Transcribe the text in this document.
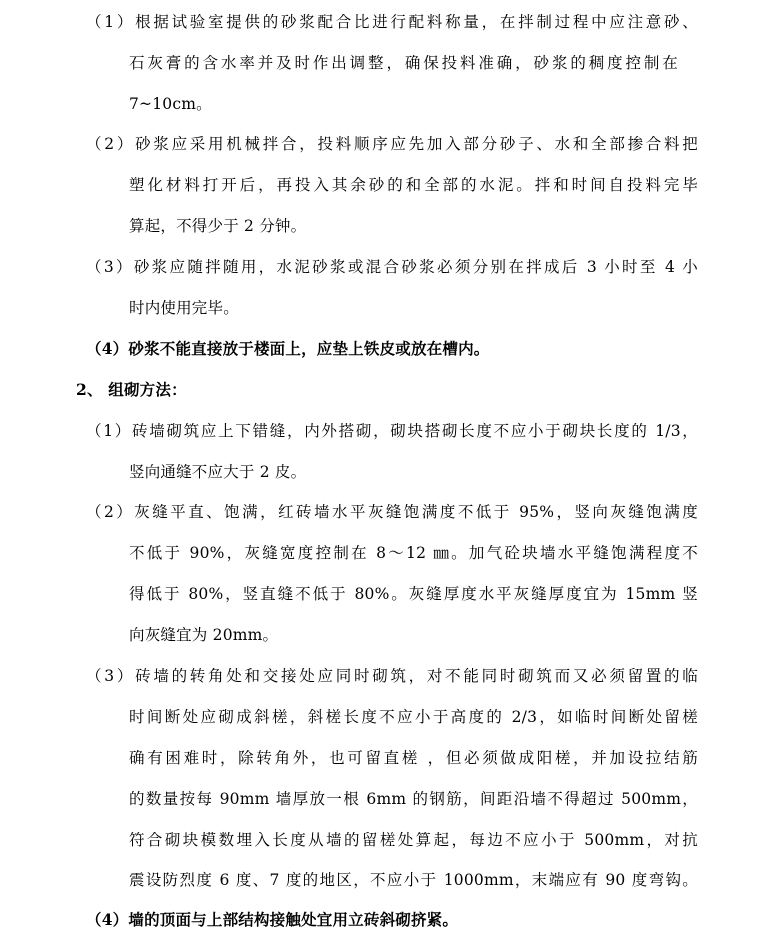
（1）根据试验室提供的砂浆配合比进行配料称量，在拌制过程中应注意砂、
石灰膏的含水率并及时作出调整，确保投料准确，砂浆的稠度控制在
7~10cm。
（2）砂浆应采用机械拌合，投料顺序应先加入部分砂子、水和全部掺合料把
塑化材料打开后，再投入其余砂的和全部的水泥。拌和时间自投料完毕
算起，不得少于 2 分钟。
（3）砂浆应随拌随用，水泥砂浆或混合砂浆必须分别在拌成后 3 小时至 4 小
时内使用完毕。
（4）砂浆不能直接放于楼面上，应垫上铁皮或放在槽内。
2、 组砌方法：
（1）砖墙砌筑应上下错缝，内外搭砌，砌块搭砌长度不应小于砌块长度的 1/3，
竖向通缝不应大于 2 皮。
（2）灰缝平直、饱满，红砖墙水平灰缝饱满度不低于 95%，竖向灰缝饱满度
不低于 90%，灰缝宽度控制在 8～12 ㎜。加气砼块墙水平缝饱满程度不
得低于 80%，竖直缝不低于 80%。灰缝厚度水平灰缝厚度宜为 15mm 竖
向灰缝宜为 20mm。
（3）砖墙的转角处和交接处应同时砌筑，对不能同时砌筑而又必须留置的临
时间断处应砌成斜槎，斜槎长度不应小于高度的 2/3，如临时间断处留槎
确有困难时，除转角外，也可留直槎 ，但必须做成阳槎，并加设拉结筋
的数量按每 90mm 墙厚放一根 6mm 的钢筋，间距沿墙不得超过 500mm，
符合砌块模数埋入长度从墙的留槎处算起，每边不应小于 500mm，对抗
震设防烈度 6 度、7 度的地区，不应小于 1000mm，末端应有 90 度弯钩。
（4）墙的顶面与上部结构接触处宜用立砖斜砌挤紧。
